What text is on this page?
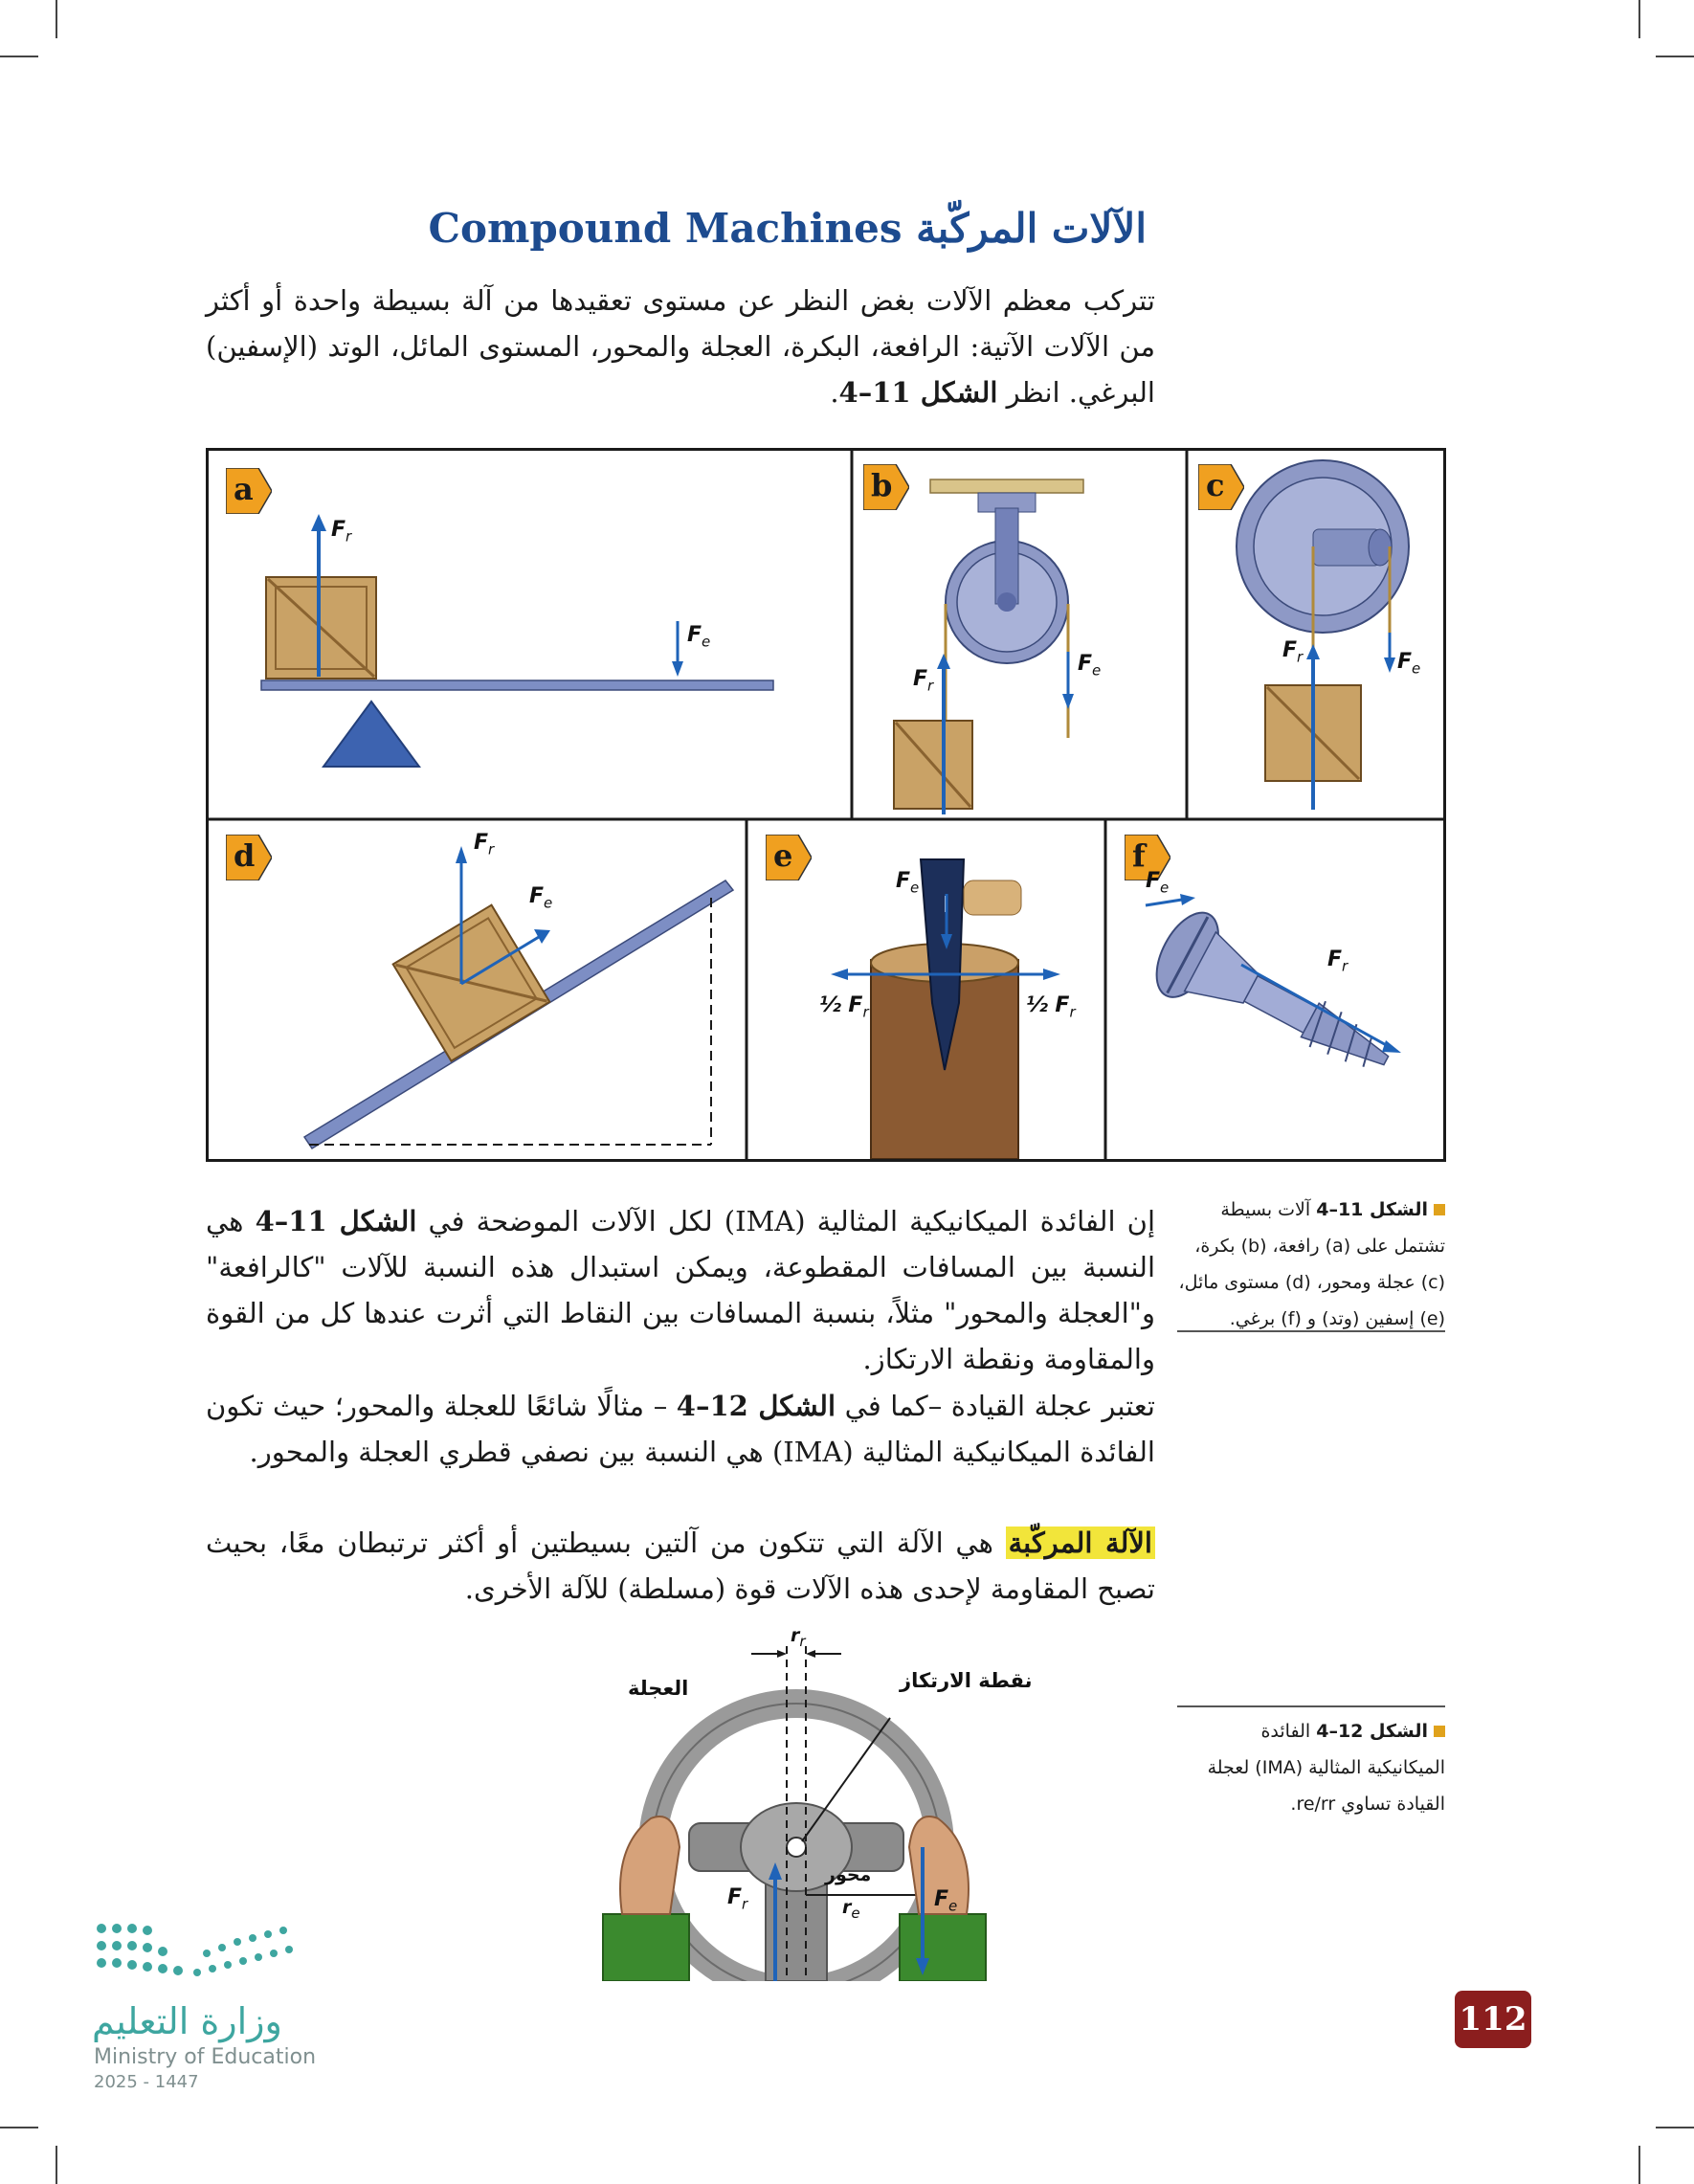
Compound Machines الآلات المركّبة
تتركب معظم الآلات بغض النظر عن مستوى تعقيدها من آلة بسيطة واحدة أو أكثر من الآلات الآتية: الرافعة، البكرة، العجلة والمحور، المستوى المائل، الوتد (الإسفين) البرغي. انظر الشكل 11–4.
a
$F_r$
$F_e$
b
$F_r$
$F_e$
c
$F_r$	$F_e$
d	$F_r$
$F_e$
e
$F_e$
½ $F_r$	½ $F_r$
f
$F_e$
$F_r$
الشكل 11–4 آلات بسيطة تشتمل على (a) رافعة، (b) بكرة، (c) عجلة ومحور، (d) مستوى مائل، (e) إسفين (وتد) و (f) برغي.
إن الفائدة الميكانيكية المثالية (IMA) لكل الآلات الموضحة في الشكل 11–4 هي النسبة بين المسافات المقطوعة، ويمكن استبدال هذه النسبة للآلات "كالرافعة" و"العجلة والمحور" مثلاً، بنسبة المسافات بين النقاط التي أثرت عندها كل من القوة والمقاومة ونقطة الارتكاز.
تعتبر عجلة القيادة –كما في الشكل 12–4 – مثالًا شائعًا للعجلة والمحور؛ حيث تكون الفائدة الميكانيكية المثالية (IMA) هي النسبة بين نصفي قطري العجلة والمحور.
الآلة المركّبة هي الآلة التي تتكون من آلتين بسيطتين أو أكثر ترتبطان معًا، بحيث تصبح المقاومة لإحدى هذه الآلات قوة (مسلطة) للآلة الأخرى.
العجلة	نقطة الارتكاز
محور
$r_r$
$r_e$
$F_r$	$F_e$
الشكل 12–4 الفائدة الميكانيكية المثالية (IMA) لعجلة القيادة تساوي re/rr.
وزارة التعليم
Ministry of Education
2025 - 1447
112
